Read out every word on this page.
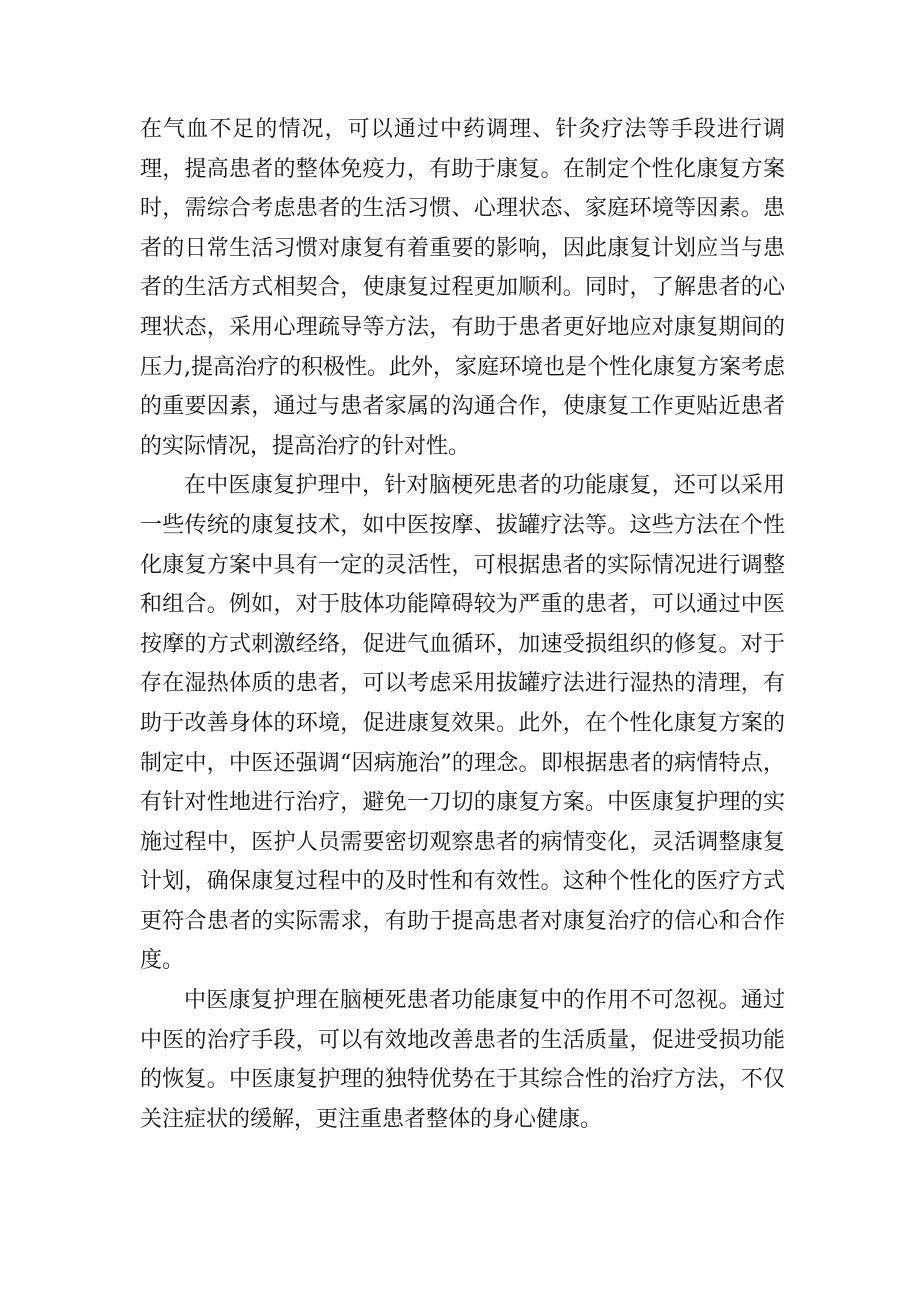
在气血不足的情况，可以通过中药调理、针灸疗法等手段进行调理，提高患者的整体免疫力，有助于康复。在制定个性化康复方案时，需综合考虑患者的生活习惯、心理状态、家庭环境等因素。患者的日常生活习惯对康复有着重要的影响，因此康复计划应当与患者的生活方式相契合，使康复过程更加顺利。同时，了解患者的心理状态，采用心理疏导等方法，有助于患者更好地应对康复期间的压力,提高治疗的积极性。此外，家庭环境也是个性化康复方案考虑的重要因素，通过与患者家属的沟通合作，使康复工作更贴近患者的实际情况，提高治疗的针对性。

在中医康复护理中，针对脑梗死患者的功能康复，还可以采用一些传统的康复技术，如中医按摩、拔罐疗法等。这些方法在个性化康复方案中具有一定的灵活性，可根据患者的实际情况进行调整和组合。例如，对于肢体功能障碍较为严重的患者，可以通过中医按摩的方式刺激经络，促进气血循环，加速受损组织的修复。对于存在湿热体质的患者，可以考虑采用拔罐疗法进行湿热的清理，有助于改善身体的环境，促进康复效果。此外，在个性化康复方案的制定中，中医还强调“因病施治”的理念。即根据患者的病情特点，有针对性地进行治疗，避免一刀切的康复方案。中医康复护理的实施过程中，医护人员需要密切观察患者的病情变化，灵活调整康复计划，确保康复过程中的及时性和有效性。这种个性化的医疗方式更符合患者的实际需求，有助于提高患者对康复治疗的信心和合作度。

中医康复护理在脑梗死患者功能康复中的作用不可忽视。通过中医的治疗手段，可以有效地改善患者的生活质量，促进受损功能的恢复。中医康复护理的独特优势在于其综合性的治疗方法，不仅关注症状的缓解，更注重患者整体的身心健康。
